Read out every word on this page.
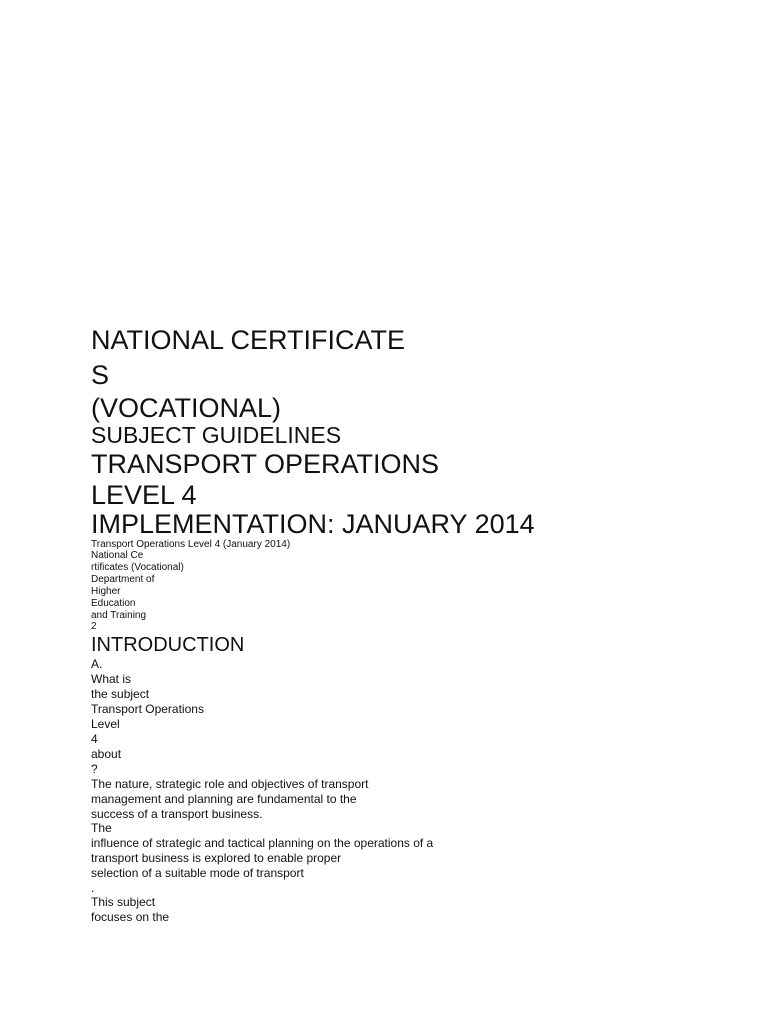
NATIONAL CERTIFICATE
S
(VOCATIONAL)
SUBJECT GUIDELINES
TRANSPORT OPERATIONS
LEVEL 4
IMPLEMENTATION: JANUARY 2014
Transport Operations Level 4 (January 2014)
National Ce
rtificates (Vocational)
Department of
Higher
Education
and Training
2
INTRODUCTION
A.
What is
the subject
Transport Operations
Level
4
about
?
The nature, strategic role and objectives of transport
management and planning are fundamental to the
success of a transport business.
The
influence of strategic and tactical planning on the operations of a
transport business is explored to enable proper
selection of a suitable mode of transport
.
This subject
focuses on the
